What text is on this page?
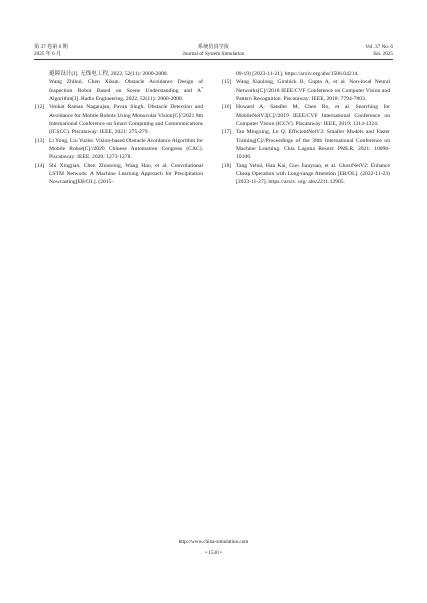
第 37 卷第 6 期
2025 年 6 月
系统仿真学报
Journal of System Simulation
Vol. 37 No. 6
Jun. 2025
避障设计[J]. 无线电工程, 2022, 52(11): 2000-2008.
Wang Zhihui, Chen Xikun. Obstacle Avoidance Design of Inspection Robot Based on Scene Understanding and A* Algorithm[J]. Radio Engineering, 2022, 52(11): 2000-2008.
[12] Venkat Raman Nagarajan, Pavan Singh. Obstacle Detection and Avoidance for Mobile Robots Using Monocular Vision[C]//2021 8th International Conference on Smart Computing and Communications (ICSCC). Piscataway: IEEE, 2021: 275-279.
[13] Li Yong, Liu Yuzhe. Vision-based Obstacle Avoidance Algorithm for Mobile Robot[C]//2020 Chinese Automation Congress (CAC). Piscataway: IEEE, 2020: 1273-1278.
[14] Shi Xingjian, Chen Zhourong, Wang Hao, et al. Convolutional LSTM Network: A Machine Learning Approach for Precipitation Nowcasting[EB/OL]. (2015-
09-19) [2023-11-21]. https://arxiv.org/abs/1506.04214.
[15] Wang Xiaolong, Girshick R, Gupta A, et al. Non-local Neural Networks[C]//2018 IEEE/CVF Conference on Computer Vision and Pattern Recognition. Piscataway: IEEE, 2018: 7794-7803.
[16] Howard A, Sandler M, Chen Bo, et al. Searching for MobileNetV3[C]//2019 IEEE/CVF International Conference on Computer Vision (ICCV). Piscataway: IEEE, 2019: 1314-1324.
[17] Tan Mingxing, Le Q. EfficientNetV2: Smaller Models and Faster Training[C]//Proceedings of the 38th International Conference on Machine Learning. Chia Laguna Resort: PMLR, 2021: 10096-10106.
[18] Tang Yehui, Han Kai, Guo Jianyuan, et al. GhostNetV2: Enhance Cheap Operation with Long-range Attention [EB/OL]. (2022-11-23) [2023-11-27]. https://arxiv. org/ abs/2211.12905.
http://www.china-simulation.com
• 1530 •
